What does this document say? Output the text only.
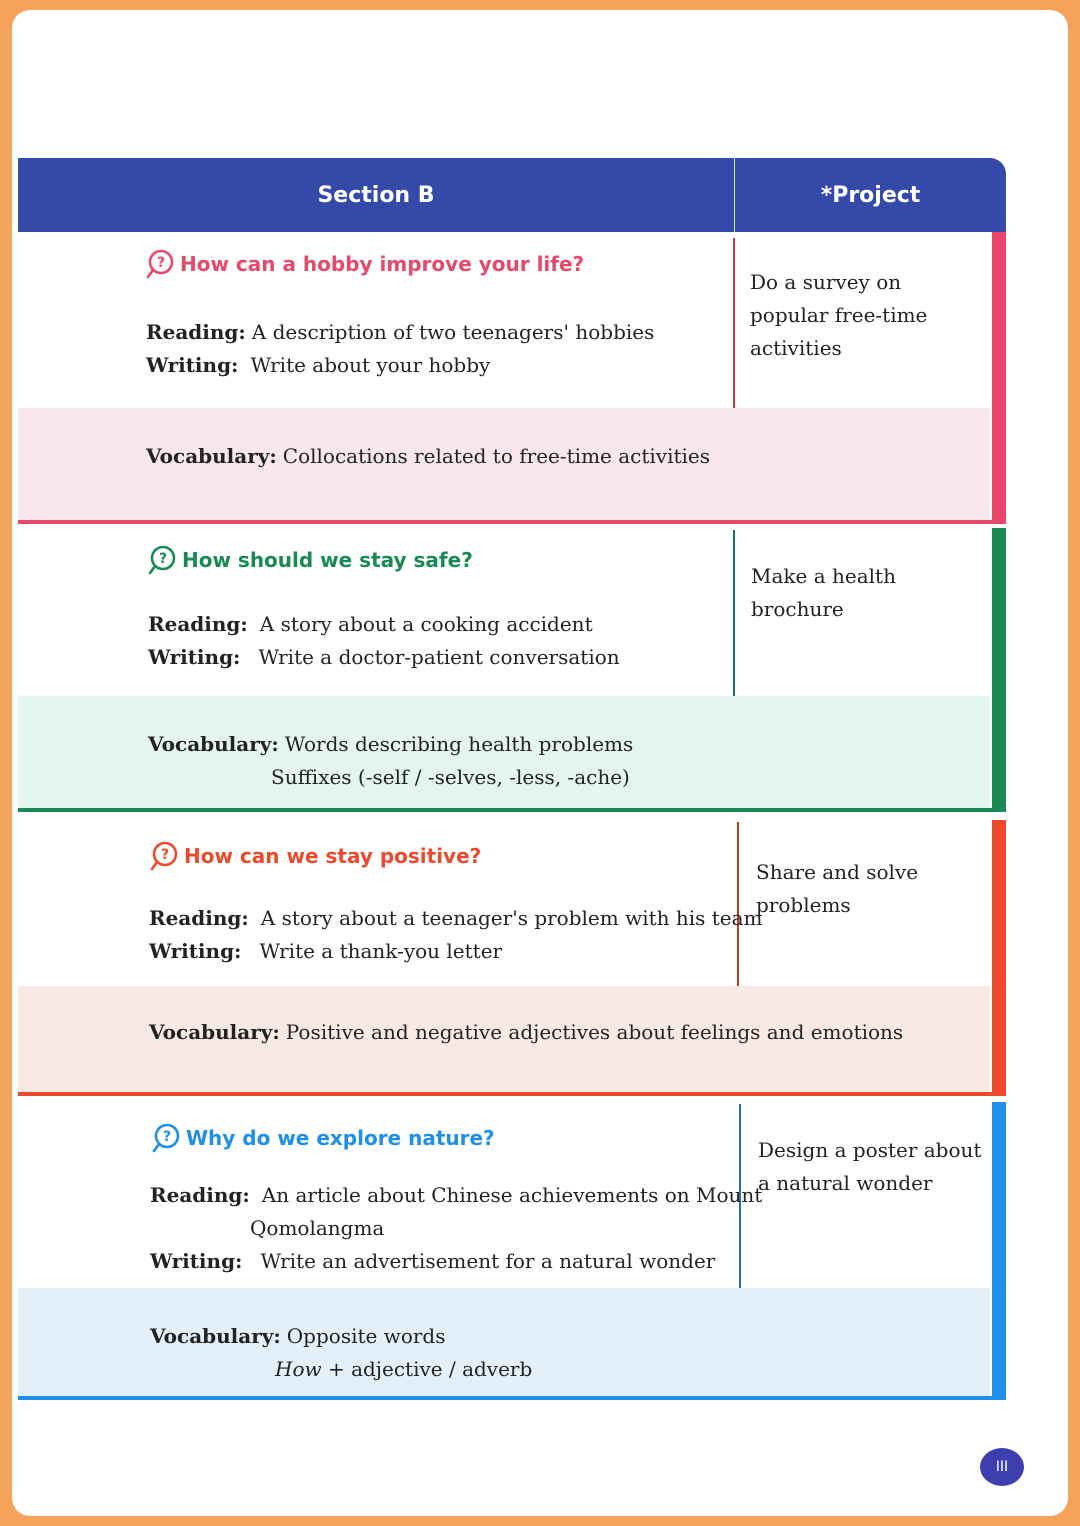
Section B	*Project
? How can a hobby improve your life?
Reading: A description of two teenagers' hobbies
Writing: Write about your hobby
Vocabulary: Collocations related to free-time activities
Do a survey on popular free-time activities
? How should we stay safe?
Reading: A story about a cooking accident
Writing: Write a doctor-patient conversation
Vocabulary: Words describing health problems
Suffixes (-self / -selves, -less, -ache)
Make a health brochure
? How can we stay positive?
Reading: A story about a teenager's problem with his team
Writing: Write a thank-you letter
Vocabulary: Positive and negative adjectives about feelings and emotions
Share and solve problems
? Why do we explore nature?
Reading: An article about Chinese achievements on Mount
Qomolangma
Writing: Write an advertisement for a natural wonder
Vocabulary: Opposite words
How + adjective / adverb
Design a poster about a natural wonder
III
